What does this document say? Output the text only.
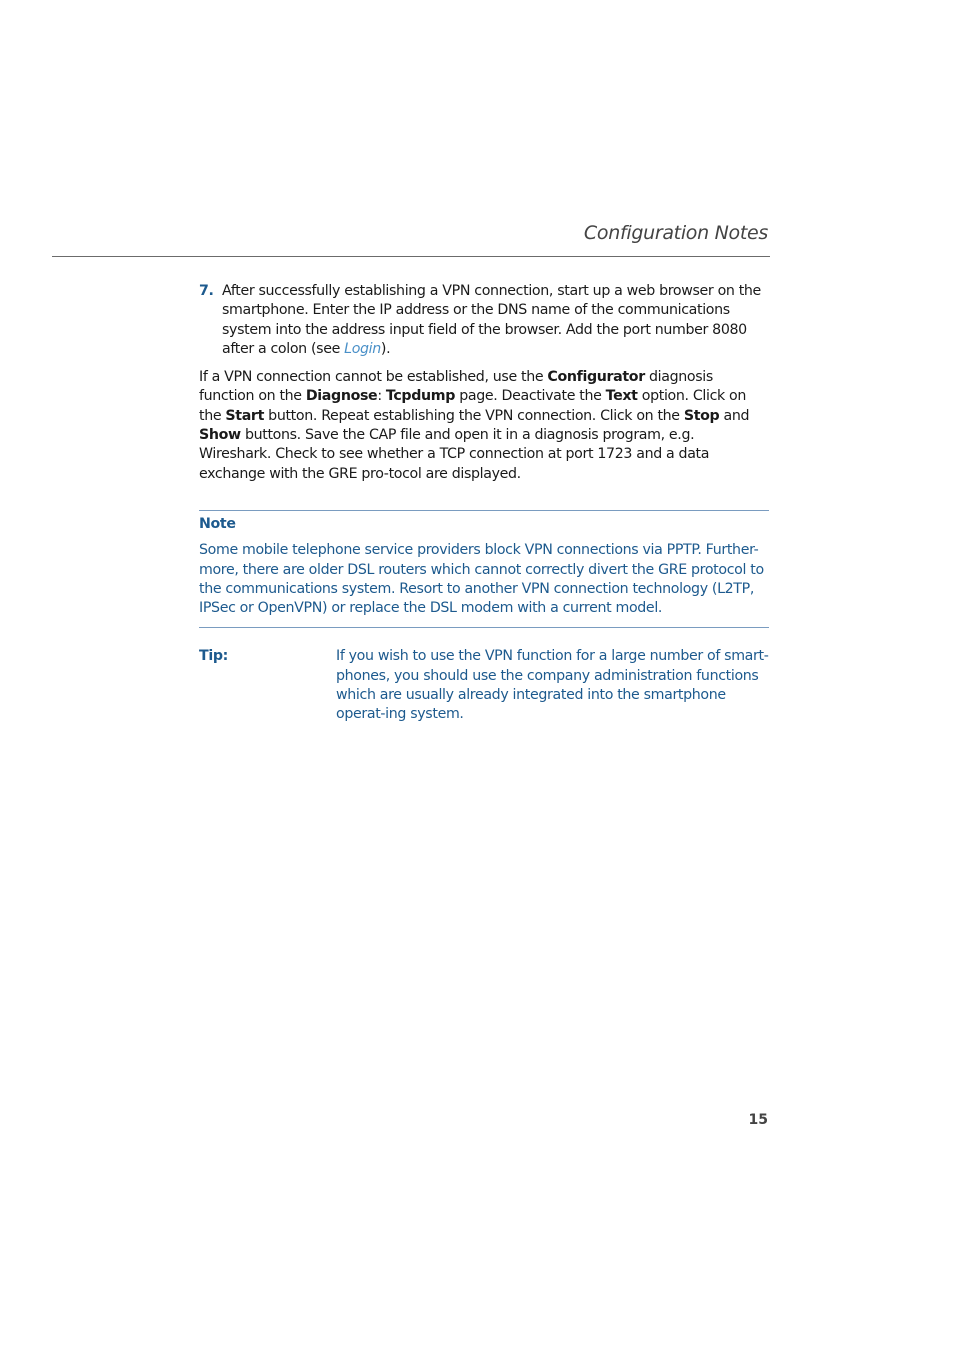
Configuration Notes
7. After successfully establishing a VPN connection, start up a web browser on the smartphone. Enter the IP address or the DNS name of the communications system into the address input field of the browser. Add the port number 8080 after a colon (see Login).

If a VPN connection cannot be established, use the Configurator diagnosis function on the Diagnose: Tcpdump page. Deactivate the Text option. Click on the Start button. Repeat establishing the VPN connection. Click on the Stop and Show buttons. Save the CAP file and open it in a diagnosis program, e.g. Wireshark. Check to see whether a TCP connection at port 1723 and a data exchange with the GRE pro-tocol are displayed.

Note

Some mobile telephone service providers block VPN connections via PPTP. Further-more, there are older DSL routers which cannot correctly divert the GRE protocol to the communications system. Resort to another VPN connection technology (L2TP, IPSec or OpenVPN) or replace the DSL modem with a current model.

Tip:	If you wish to use the VPN function for a large number of smart-phones, you should use the company administration functions which are usually already integrated into the smartphone operat-ing system.
15
